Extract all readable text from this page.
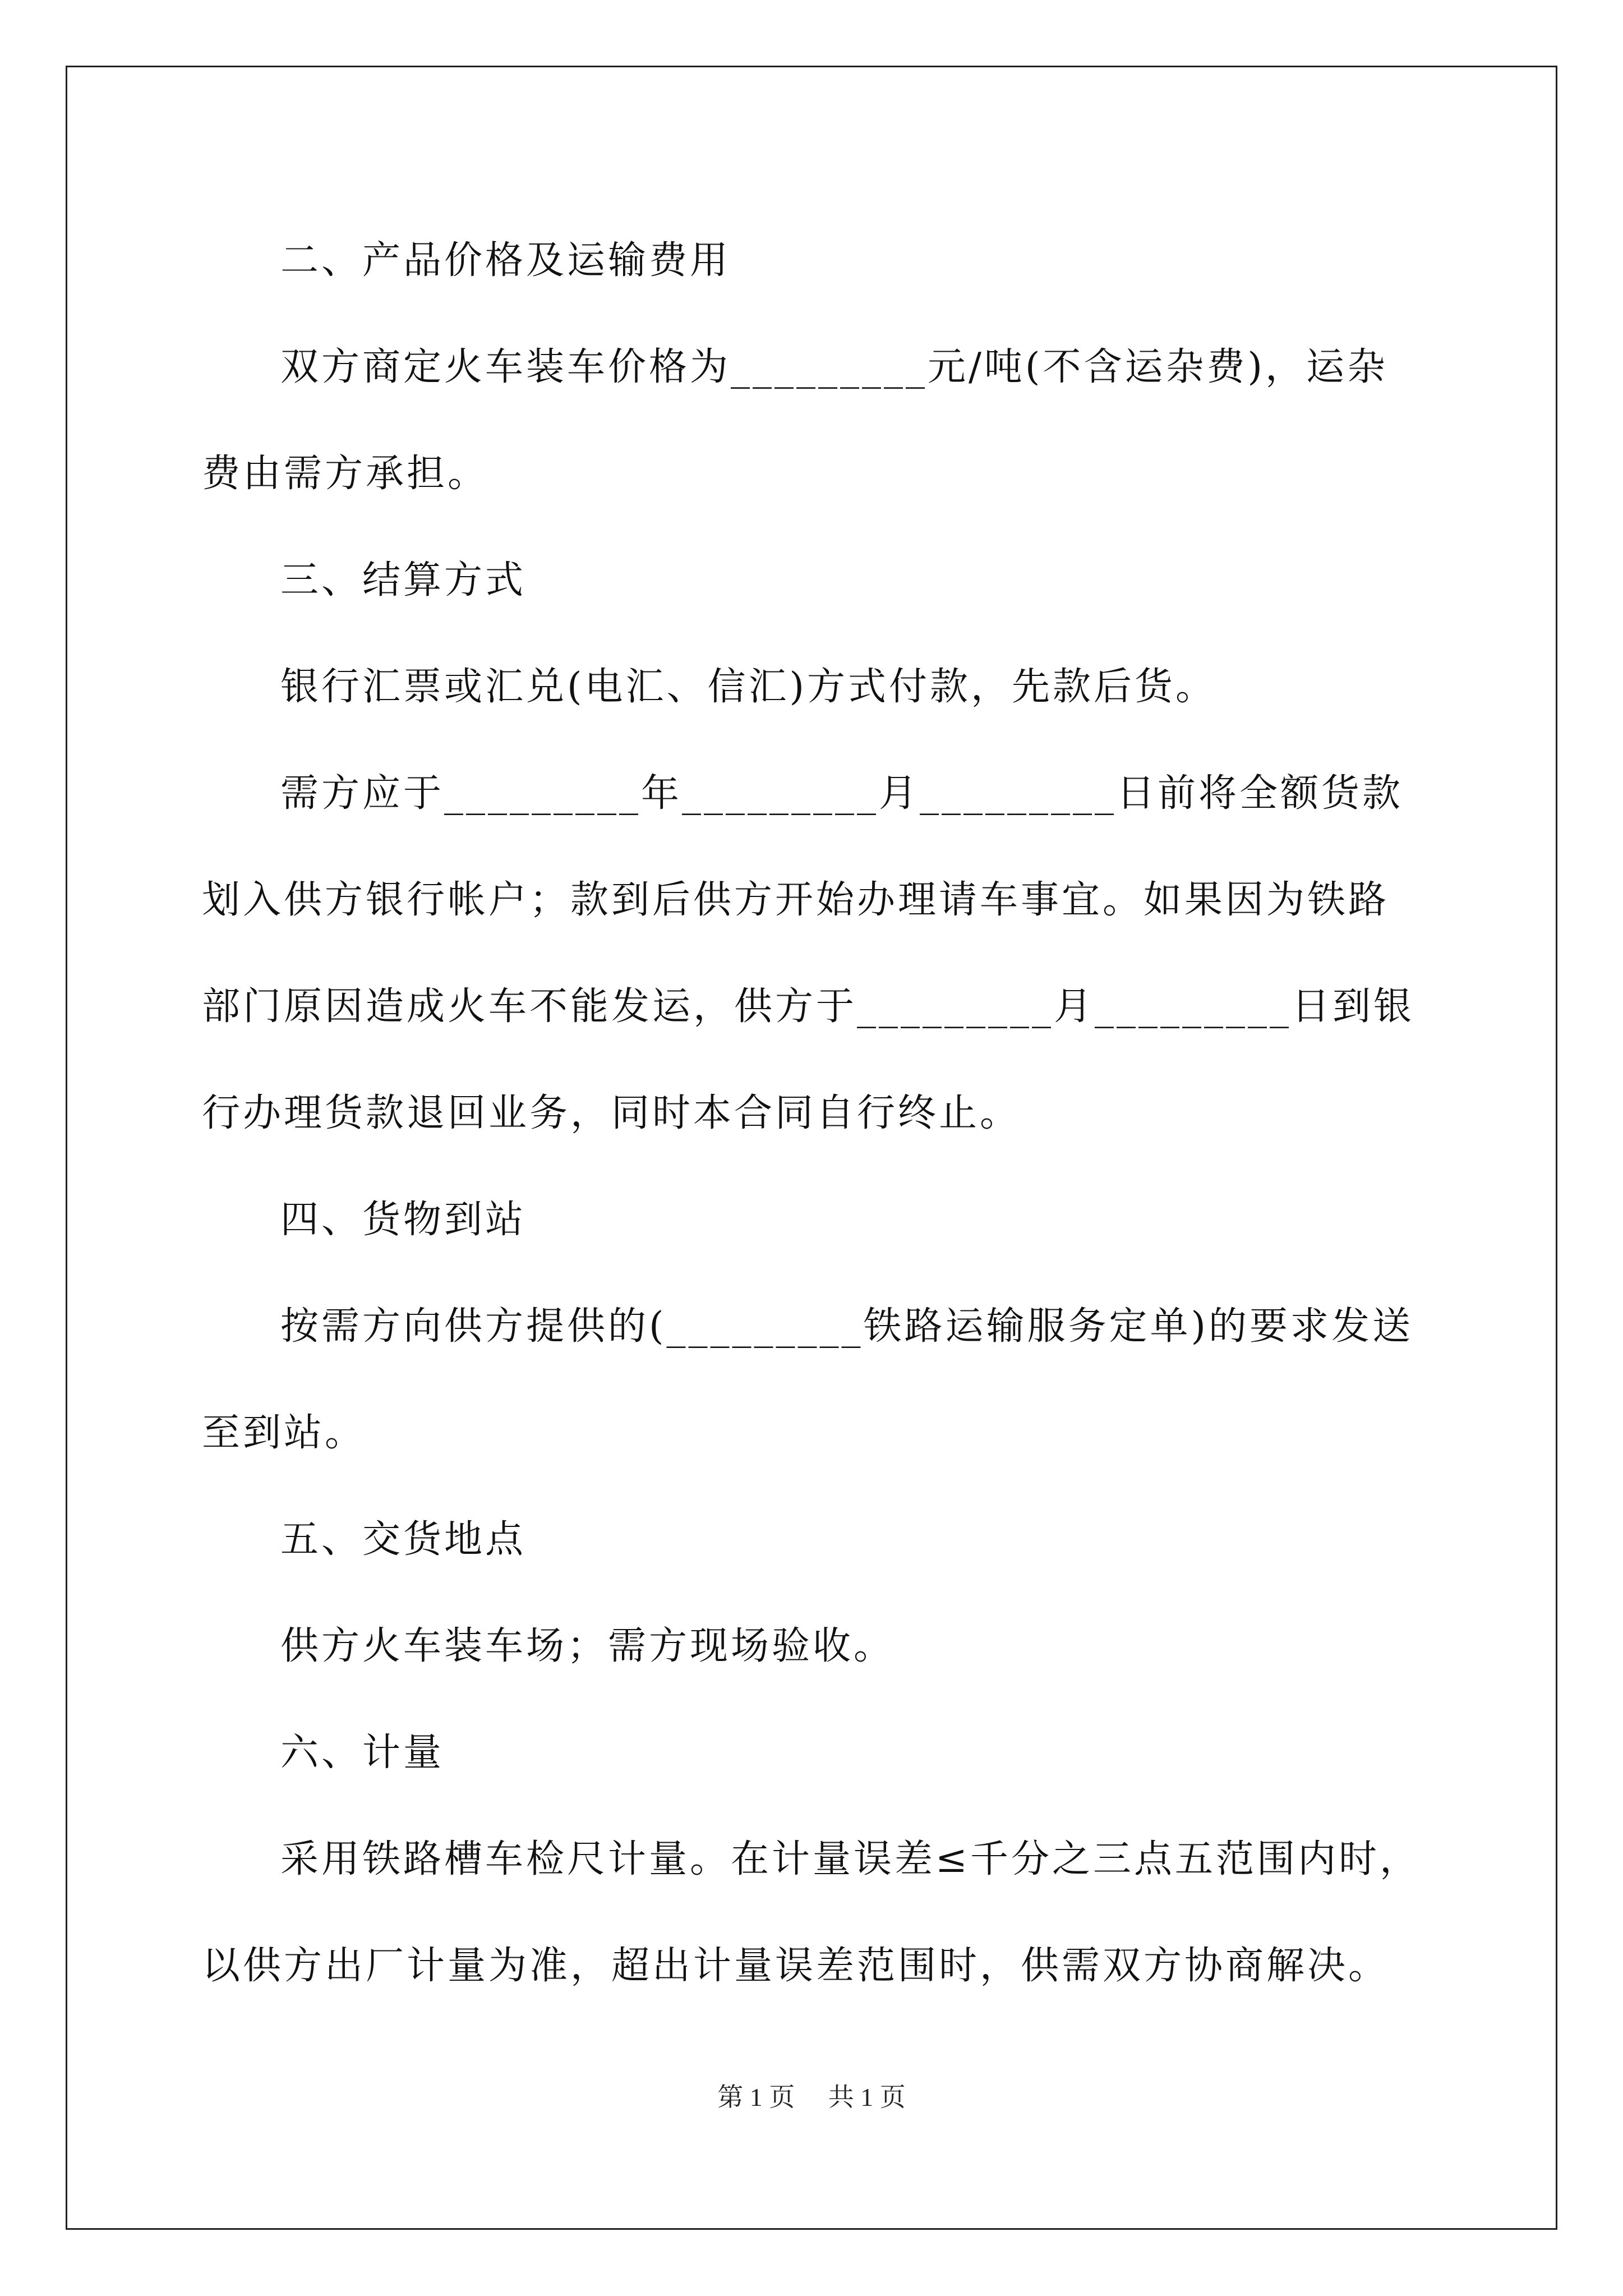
二、产品价格及运输费用

双方商定火车装车价格为_________元/吨(不含运杂费)，运杂费由需方承担。

三、结算方式

银行汇票或汇兑(电汇、信汇)方式付款，先款后货。

需方应于_________年_________月_________日前将全额货款划入供方银行帐户；款到后供方开始办理请车事宜。如果因为铁路部门原因造成火车不能发运，供方于_________月_________日到银行办理货款退回业务，同时本合同自行终止。

四、货物到站

按需方向供方提供的(_________铁路运输服务定单)的要求发送至到站。

五、交货地点

供方火车装车场；需方现场验收。

六、计量

采用铁路槽车检尺计量。在计量误差≤千分之三点五范围内时，以供方出厂计量为准，超出计量误差范围时，供需双方协商解决。

第 1 页 共 1 页
